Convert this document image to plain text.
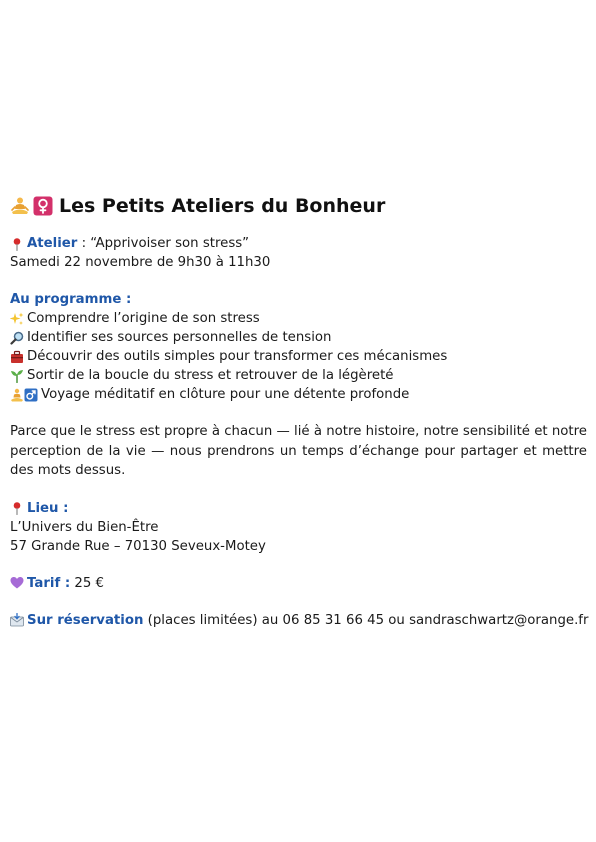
Les Petits Ateliers du Bonheur
Atelier : “Apprivoiser son stress”
Samedi 22 novembre de 9h30 à 11h30
Au programme :
Comprendre l’origine de son stress
Identifier ses sources personnelles de tension
Découvrir des outils simples pour transformer ces mécanismes
Sortir de la boucle du stress et retrouver de la légèreté
Voyage méditatif en clôture pour une détente profonde

Parce que le stress est propre à chacun — lié à notre histoire, notre sensibilité et notre perception de la vie — nous prendrons un temps d’échange pour partager et mettre des mots dessus.

Lieu :
L’Univers du Bien-Être
57 Grande Rue – 70130 Seveux-Motey
Tarif : 25 €
Sur réservation (places limitées) au 06 85 31 66 45 ou sandraschwartz@orange.fr
